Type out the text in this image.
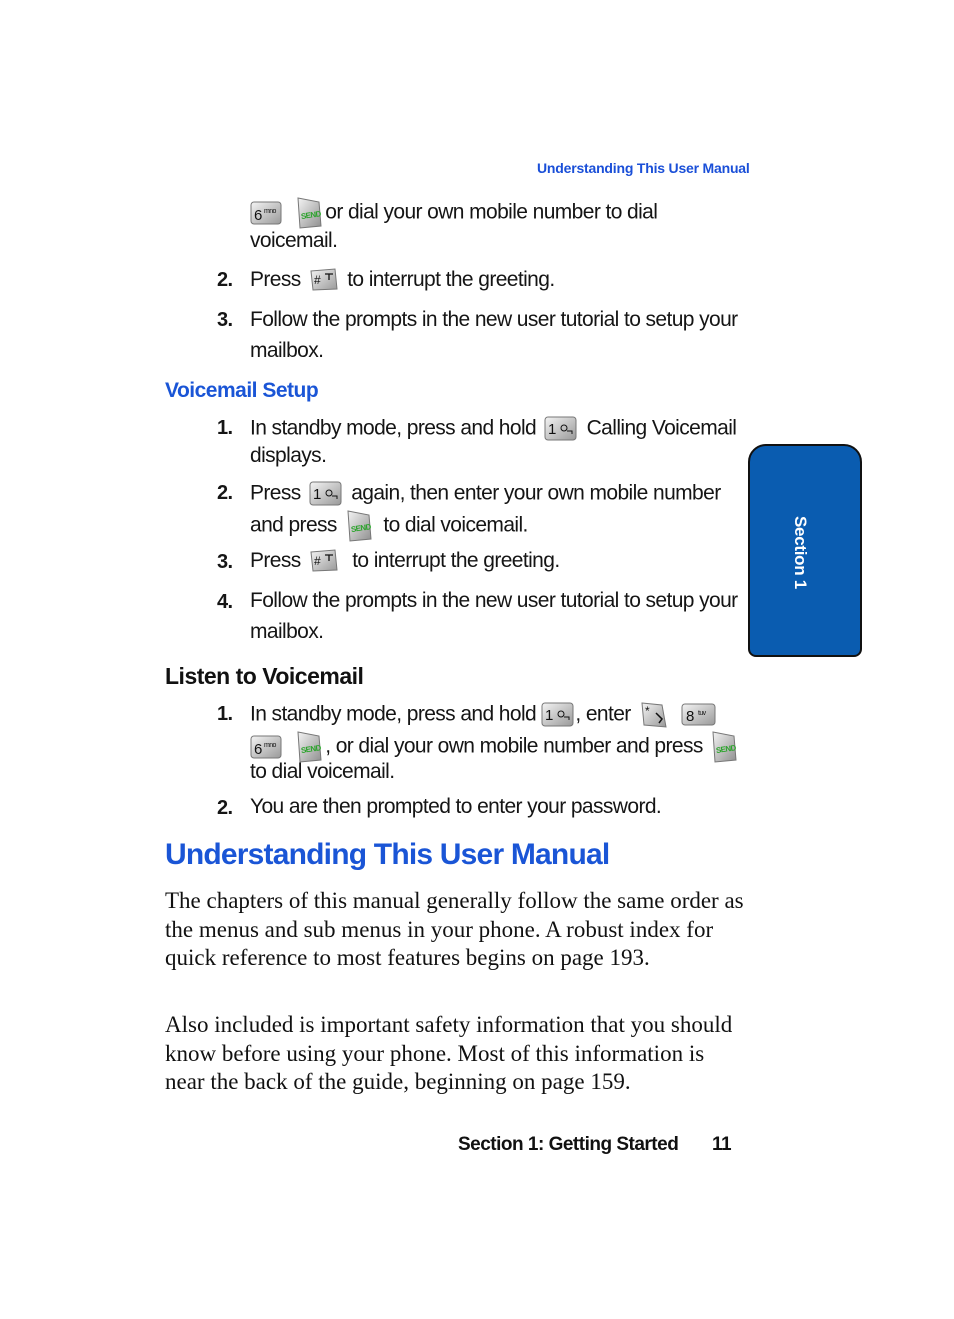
Understanding This User Manual
6 mno
	SEND or dial your own mobile number to dial
voicemail.
2. Press # to interrupt the greeting.
3. Follow the prompts in the new user tutorial to setup your
mailbox.
Voicemail Setup
1. In standby mode, press and hold 1 Calling Voicemail
displays.
2. Press 1 again, then enter your own mobile number
and press SEND to dial voicemail.
3. Press # to interrupt the greeting.
4. Follow the prompts in the new user tutorial to setup your
mailbox.
Listen to Voicemail
1. In standby mode, press and hold 1 , enter *
8 tuv
6 mno
	SEND , or dial your own mobile number and press SEND
to dial voicemail.
2. You are then prompted to enter your password.
Understanding This User Manual
The chapters of this manual generally follow the same order as the menus and sub menus in your phone. A robust index for quick reference to most features begins on page 193.
Also included is important safety information that you should know before using your phone. Most of this information is near the back of the guide, beginning on page 159.
Section 1: Getting Started 11
Section 1
